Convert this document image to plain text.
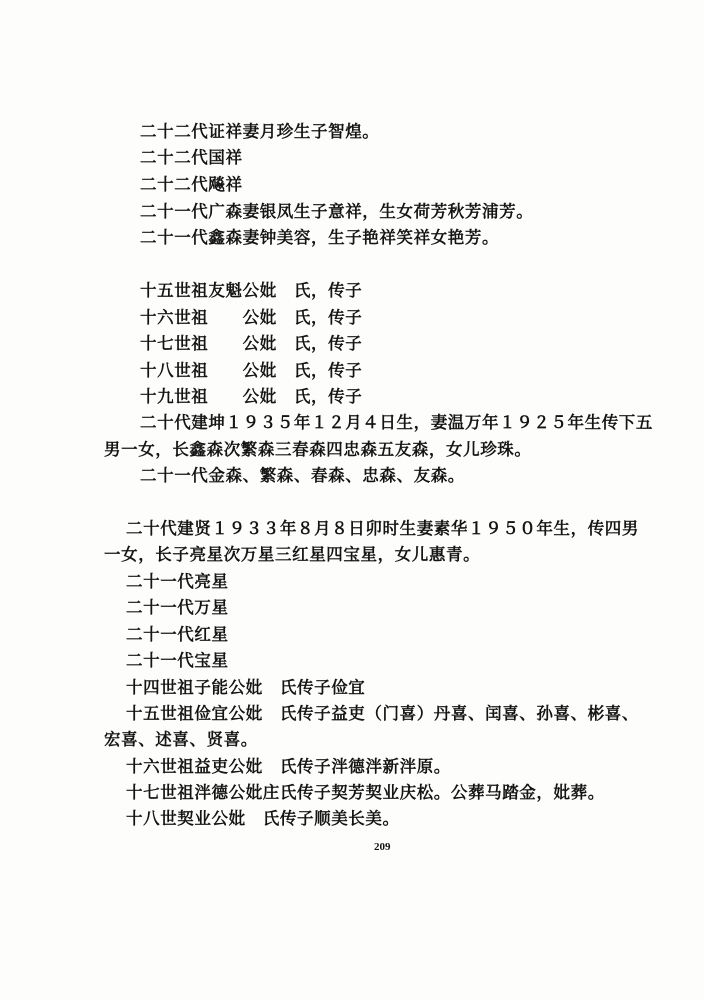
二十二代证祥妻月珍生子智煌。
二十二代国祥
二十二代飚祥
二十一代广森妻银凤生子意祥，生女荷芳秋芳浦芳。
二十一代鑫森妻钟美容，生子艳祥笑祥女艳芳。
十五世祖友魁公妣　氏，传子
十六世祖　　公妣　氏，传子
十七世祖　　公妣　氏，传子
十八世祖　　公妣　氏，传子
十九世祖　　公妣　氏，传子
二十代建坤１９３５年１２月４日生，妻温万年１９２５年生传下五
男一女，长鑫森次繁森三春森四忠森五友森，女儿珍珠。
二十一代金森、繁森、春森、忠森、友森。
二十代建贤１９３３年８月８日卯时生妻素华１９５０年生，传四男
一女，长子亮星次万星三红星四宝星，女儿惠青。
二十一代亮星
二十一代万星
二十一代红星
二十一代宝星
十四世祖子能公妣　氏传子俭宜
十五世祖俭宜公妣　氏传子益吏（门喜）丹喜、闰喜、孙喜、彬喜、
宏喜、述喜、贤喜。
十六世祖益吏公妣　氏传子泮德泮新泮原。
十七世祖泮德公妣庄氏传子契芳契业庆松。公葬马踏金，妣葬。
十八世契业公妣　氏传子顺美长美。
209
